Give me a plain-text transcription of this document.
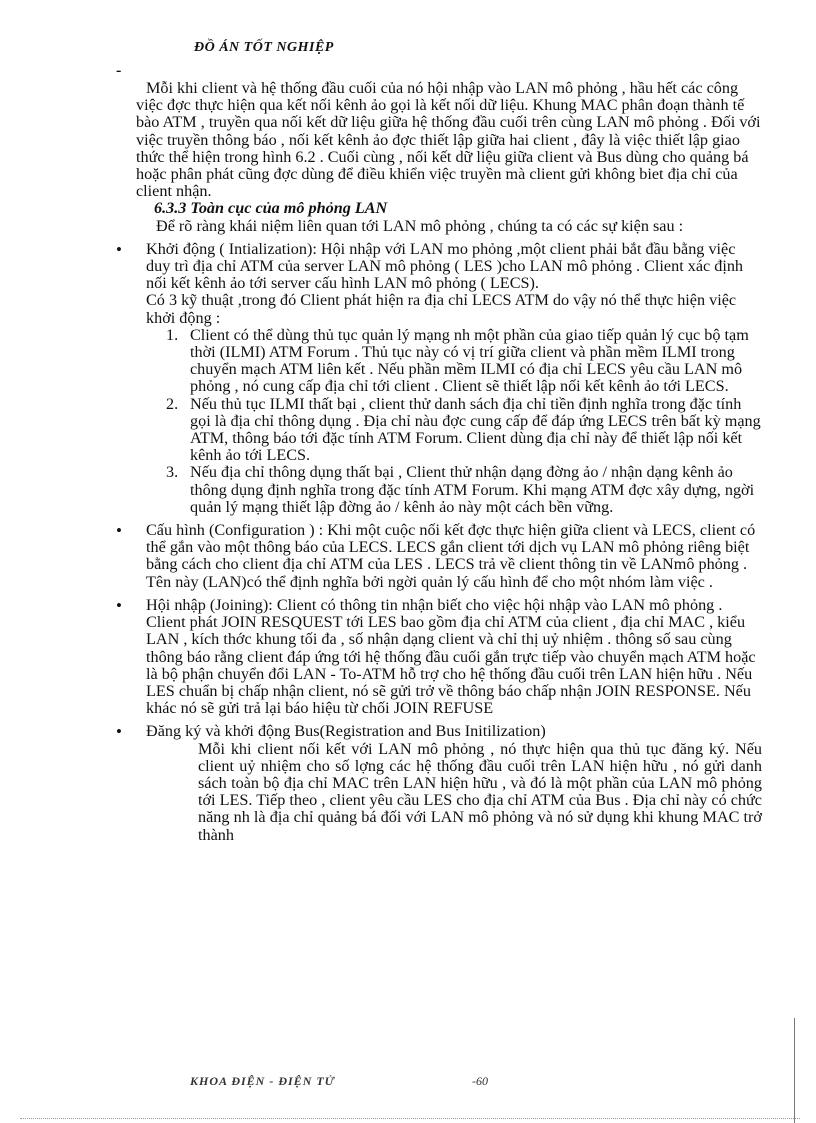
ĐỒ ÁN TỐT NGHIỆP
-

Mỗi khi client và hệ thống đầu cuối của nó hội nhập vào LAN mô phỏng , hầu hết các công việc đợc thực hiện qua kết nối kênh ảo gọi là kết nối dữ liệu. Khung MAC phân đoạn thành tế bào ATM , truyền qua nối kết dữ liệu giữa hệ thống đầu cuối trên cùng LAN mô phỏng . Đối với việc truyền thông báo , nối kết kênh ảo đợc thiết lập giữa hai client , đây là việc thiết lập giao thức thể hiện trong hình 6.2 . Cuối cùng , nối kết dữ liệu giữa client và Bus dùng cho quảng bá hoặc phân phát cũng đợc dùng để điều khiển việc truyền mà client gửi không biet địa chỉ của client nhận.

6.3.3 Toàn cục của mô phỏng LAN

Để rõ ràng khái niệm liên quan tới LAN mô phỏng , chúng ta có các sự kiện sau :

• Khởi động ( Intialization): Hội nhập với LAN mo phỏng ,một client phải bắt đầu bằng việc duy trì địa chỉ ATM của server LAN mô phỏng ( LES )cho LAN mô phỏng . Client xác định nối kết kênh ảo tới server cấu hình LAN mô phỏng ( LECS).

Có 3 kỹ thuật ,trong đó Client phát hiện ra địa chỉ LECS ATM do vậy nó thể thực hiện việc khởi động :

1. Client có thể dùng thủ tục quản lý mạng nh một phần của giao tiếp quản lý cục bộ tạm thời (ILMI) ATM Forum . Thủ tục này có vị trí giữa client và phần mềm ILMI trong chuyển mạch ATM liên kết . Nếu phần mềm ILMI có địa chỉ LECS yêu cầu LAN mô phỏng , nó cung cấp địa chỉ tới client . Client sẽ thiết lập nối kết kênh ảo tới LECS.
2. Nếu thủ tục ILMI thất bại , client thử danh sách địa chỉ tiền định nghĩa trong đặc tính gọi là địa chỉ thông dụng . Địa chỉ nàu đợc cung cấp để đáp ứng LECS trên bất kỳ mạng ATM, thông báo tới đặc tính ATM Forum. Client dùng địa chỉ này để thiết lập nối kết kênh ảo tới LECS.
3. Nếu địa chỉ thông dụng thất bại , Client thử nhận dạng đờng ảo / nhận dạng kênh ảo thông dụng định nghĩa trong đặc tính ATM Forum. Khi mạng ATM đợc xây dựng, ngời quản lý mạng thiết lập đờng ảo / kênh ảo này một cách bền vững.
• Cấu hình (Configuration ) : Khi một cuộc nối kết đợc thực hiện giữa client và LECS, client có thể gắn vào một thông báo của LECS. LECS gắn client tới dịch vụ LAN mô phỏng riêng biệt bằng cách cho client địa chỉ ATM của LES . LECS trả về client thông tin về LANmô phỏng . Tên này (LAN)có thể định nghĩa bởi ngời quản lý cấu hình để cho một nhóm làm việc .

• Hội nhập (Joining): Client có thông tin nhận biết cho việc hội nhập vào LAN mô phỏng . Client phát JOIN RESQUEST tới LES bao gồm địa chỉ ATM của client , địa chỉ MAC , kiểu LAN , kích thớc khung tối đa , số nhận dạng client và chỉ thị uỷ nhiệm . thông số sau cùng thông báo rằng client đáp ứng tới hệ thống đầu cuối gắn trực tiếp vào chuyển mạch ATM hoặc là bộ phận chuyển đổi LAN - To-ATM hỗ trợ cho hệ thống đầu cuối trên LAN hiện hữu . Nếu LES chuẩn bị chấp nhận client, nó sẽ gửi trở về thông báo chấp nhận JOIN RESPONSE. Nếu khác nó sẽ gửi trả lại báo hiệu từ chối JOIN REFUSE

• Đăng ký và khởi động Bus(Registration and Bus Initilization)

Mỗi khi client nối kết với LAN mô phỏng , nó thực hiện qua thủ tục đăng ký. Nếu client uỷ nhiệm cho số lợng các hệ thống đầu cuối trên LAN hiện hữu , nó gửi danh sách toàn bộ địa chỉ MAC trên LAN hiện hữu , và đó là một phần của LAN mô phỏng tới LES. Tiếp theo , client yêu cầu LES cho địa chỉ ATM của Bus . Địa chỉ này có chức năng nh là địa chỉ quảng bá đối với LAN mô phỏng và nó sử dụng khi khung MAC trở thành

KHOA ĐIỆN - ĐIỆN TỬ	-60
